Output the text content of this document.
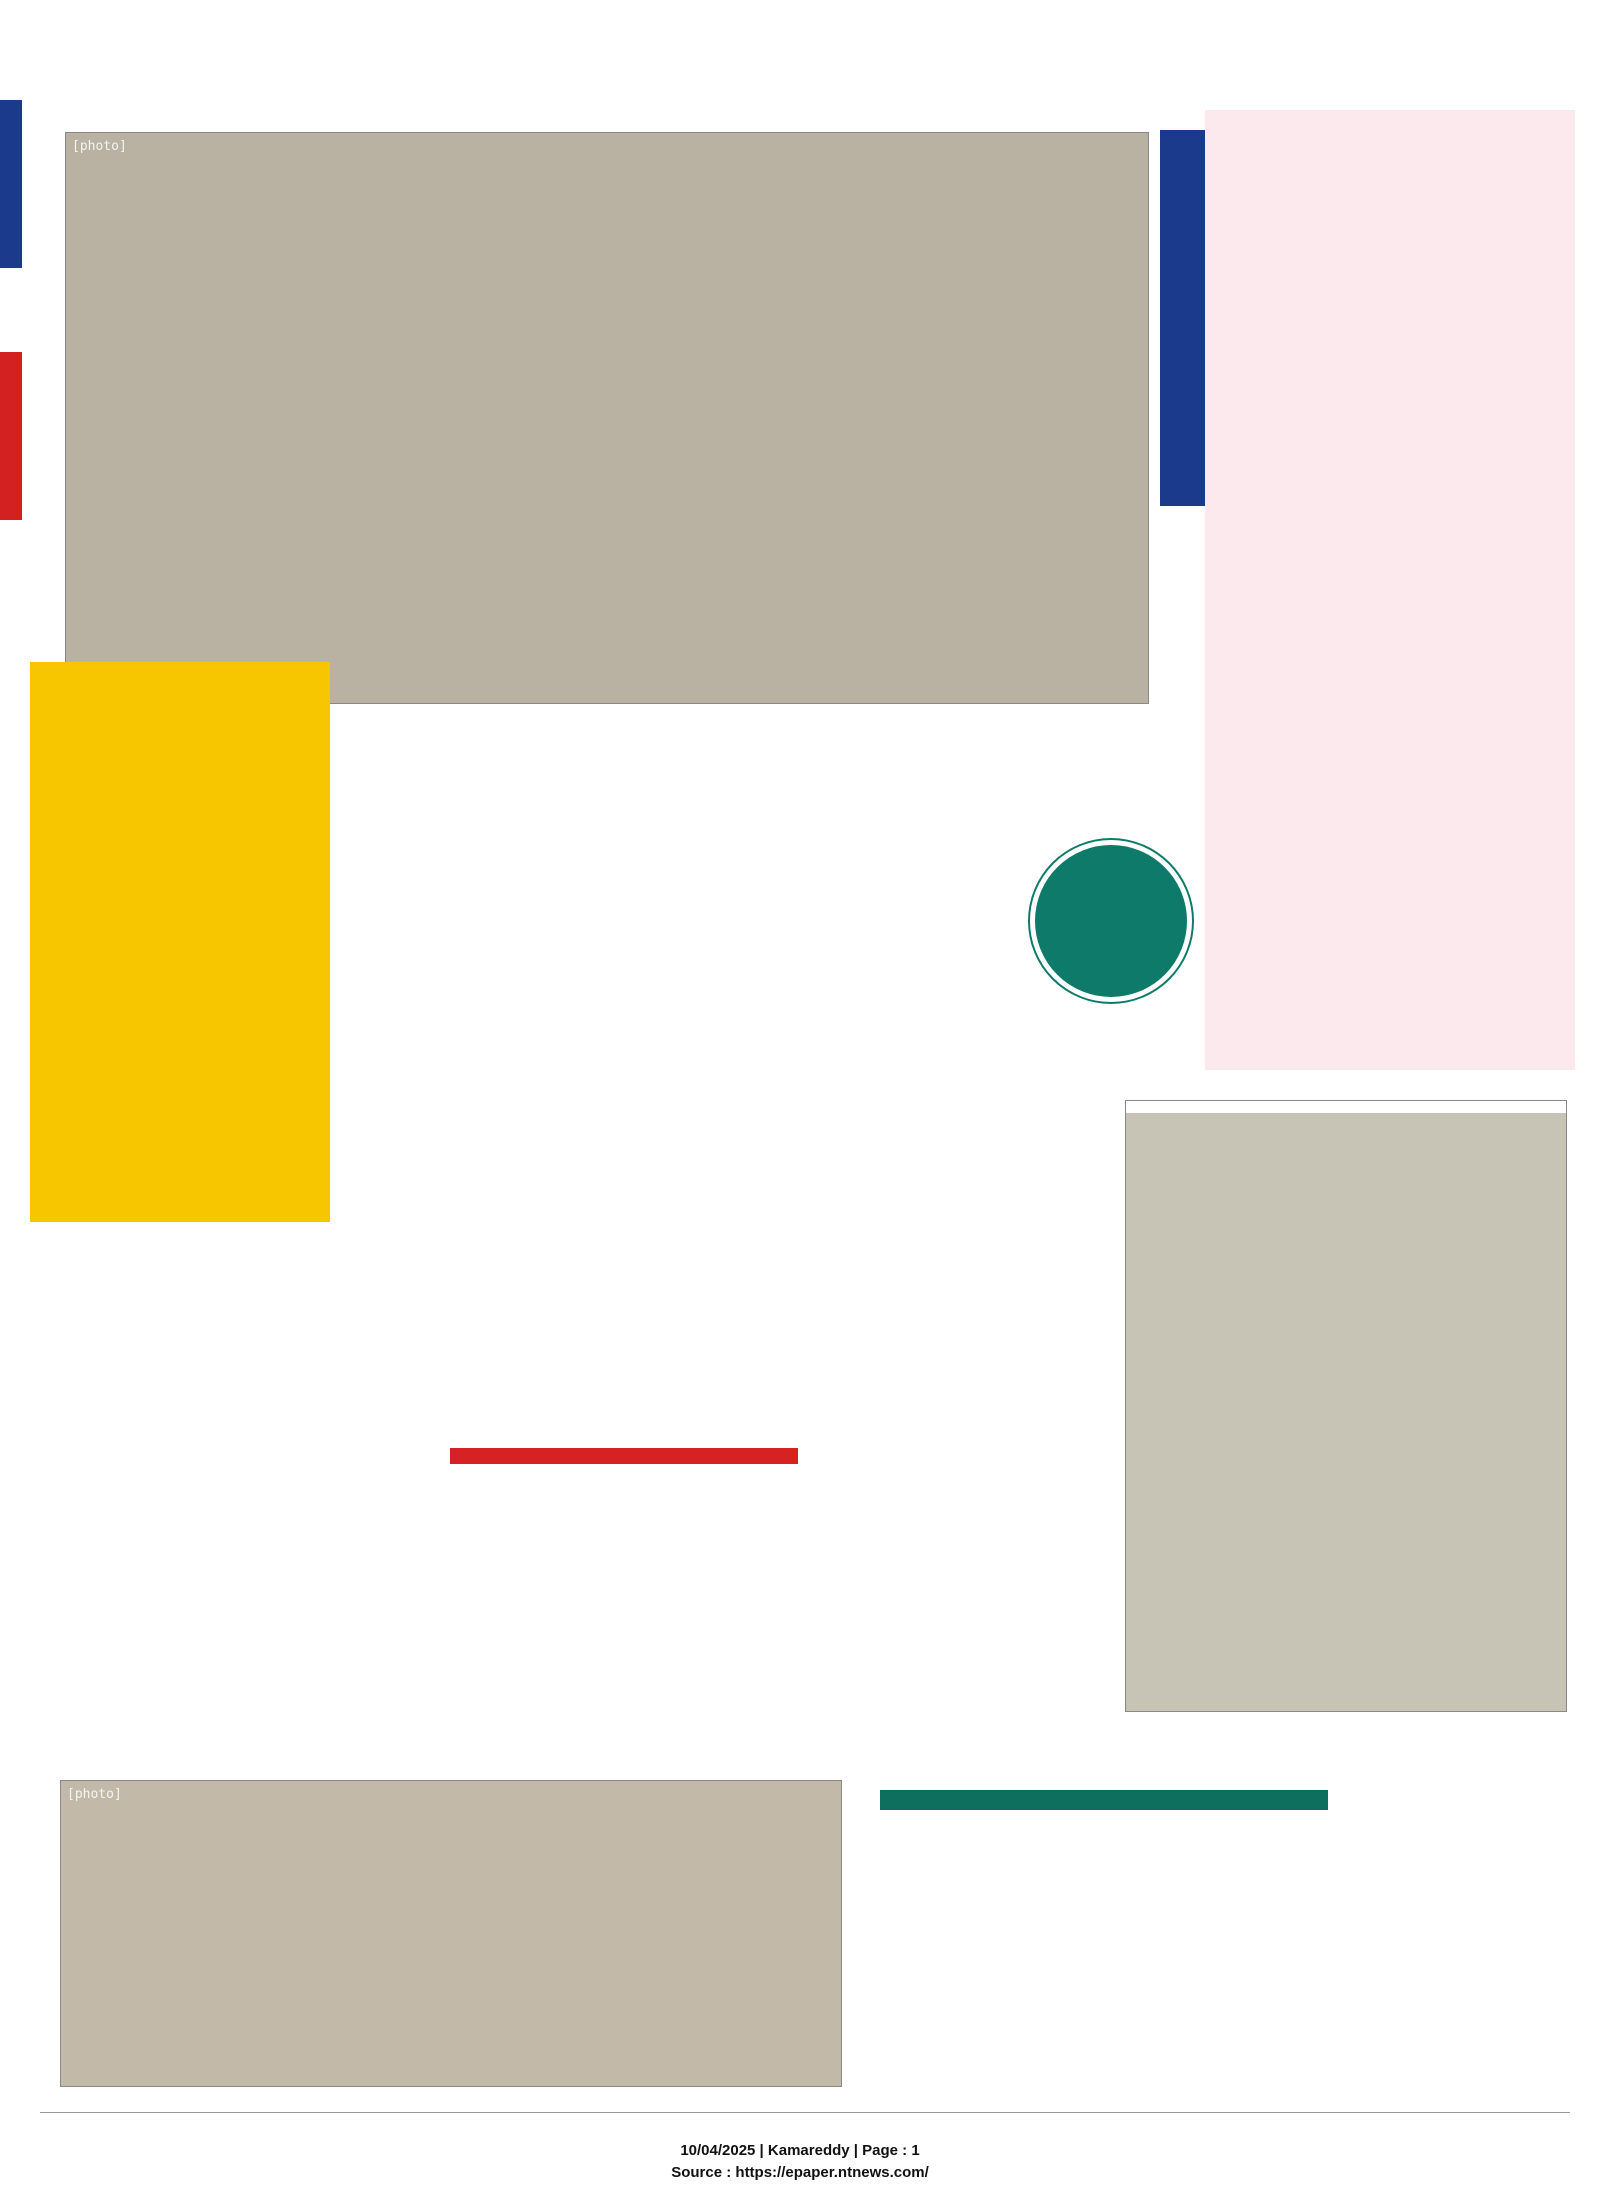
[photo]
[photo]
10/04/2025 | Kamareddy | Page : 1
Source : https://epaper.ntnews.com/
